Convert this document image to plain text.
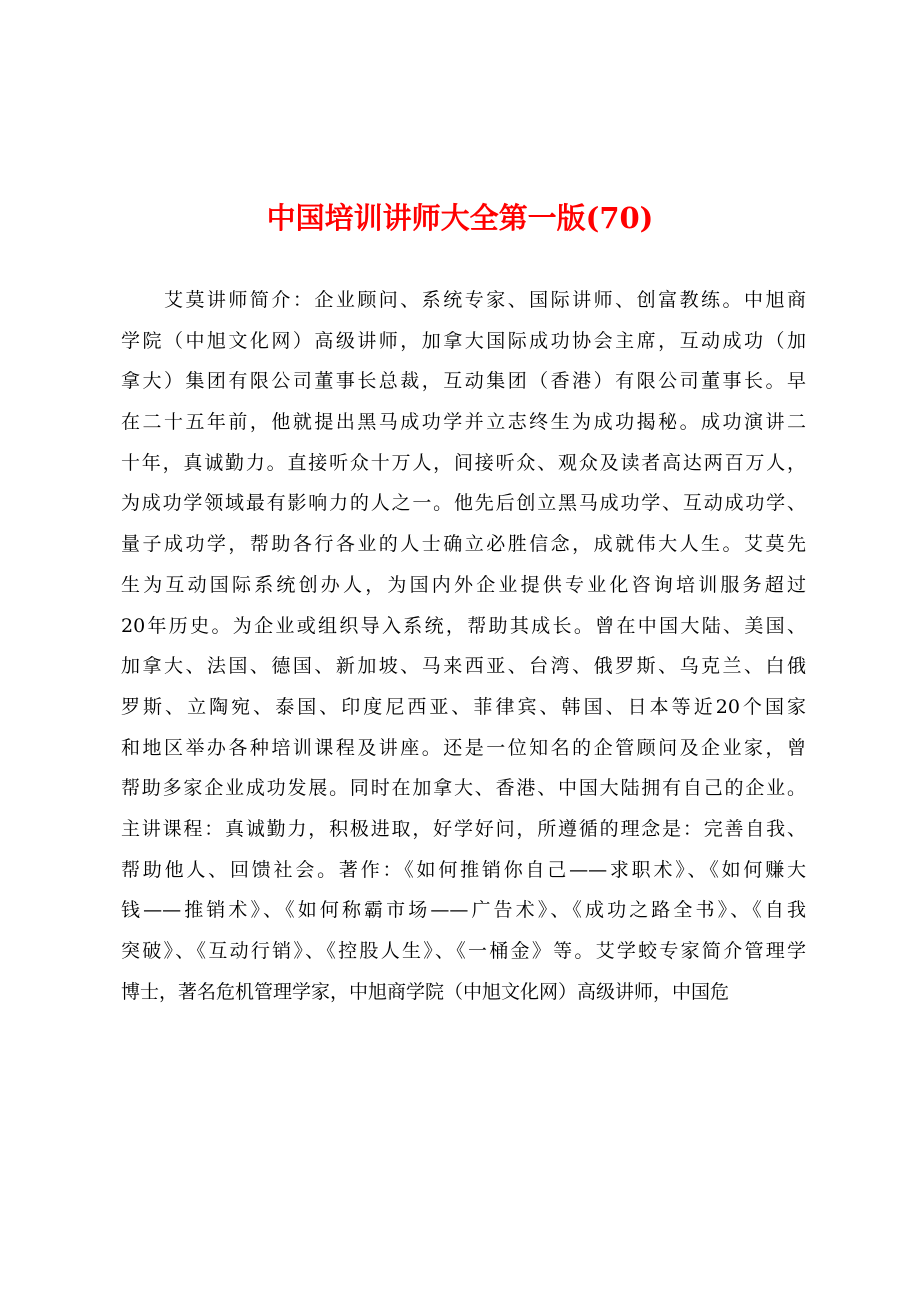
中国培训讲师大全第一版(70)
　　艾莫讲师简介：企业顾问、系统专家、国际讲师、创富教练。中旭商
学院（中旭文化网）高级讲师，加拿大国际成功协会主席，互动成功（加
拿大）集团有限公司董事长总裁，互动集团（香港）有限公司董事长。早
在二十五年前，他就提出黑马成功学并立志终生为成功揭秘。成功演讲二
十年，真诚勤力。直接听众十万人，间接听众、观众及读者高达两百万人，
为成功学领域最有影响力的人之一。他先后创立黑马成功学、互动成功学、
量子成功学，帮助各行各业的人士确立必胜信念，成就伟大人生。艾莫先
生为互动国际系统创办人，为国内外企业提供专业化咨询培训服务超过
20年历史。为企业或组织导入系统，帮助其成长。曾在中国大陆、美国、
加拿大、法国、德国、新加坡、马来西亚、台湾、俄罗斯、乌克兰、白俄
罗斯、立陶宛、泰国、印度尼西亚、菲律宾、韩国、日本等近20个国家
和地区举办各种培训课程及讲座。还是一位知名的企管顾问及企业家，曾
帮助多家企业成功发展。同时在加拿大、香港、中国大陆拥有自己的企业。
主讲课程：真诚勤力，积极进取，好学好问，所遵循的理念是：完善自我、
帮助他人、回馈社会。著作：《如何推销你自己——求职术》、《如何赚大
钱——推销术》、《如何称霸市场——广告术》、《成功之路全书》、《自我
突破》、《互动行销》、《控股人生》、《一桶金》等。艾学蛟专家简介管理学
博士，著名危机管理学家，中旭商学院（中旭文化网）高级讲师，中国危
